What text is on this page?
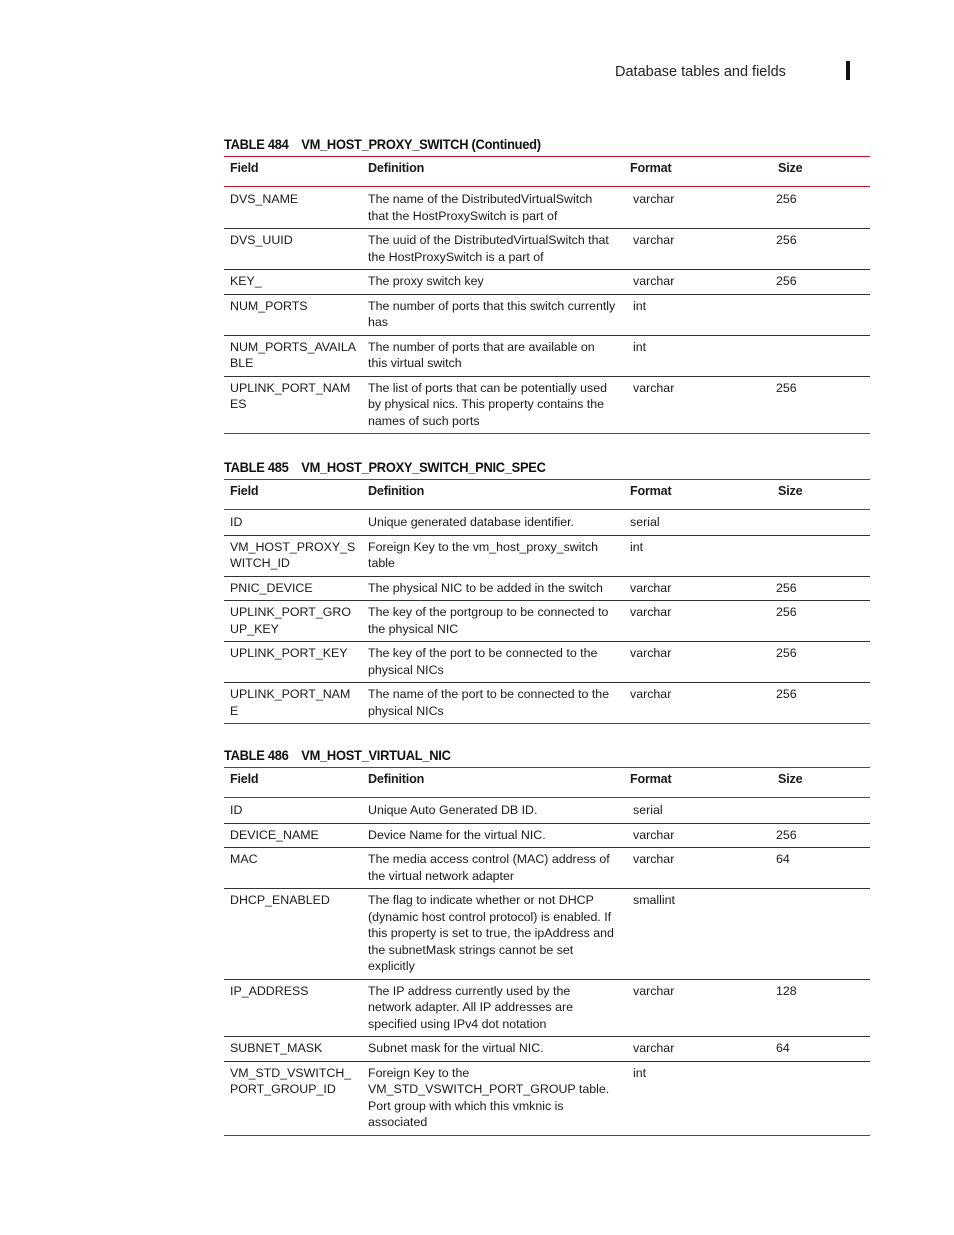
Database tables and fields
TABLE 484 VM_HOST_PROXY_SWITCH (Continued)
Field	Definition	Format	Size
DVS_NAME	The name of the DistributedVirtualSwitch that the HostProxySwitch is part of	varchar	256
DVS_UUID	The uuid of the DistributedVirtualSwitch that the HostProxySwitch is a part of	varchar	256
KEY_	The proxy switch key	varchar	256
NUM_PORTS	The number of ports that this switch currently has	int	
NUM_PORTS_AVAILABLE	The number of ports that are available on this virtual switch	int	
UPLINK_PORT_NAMES	The list of ports that can be potentially used by physical nics. This property contains the names of such ports	varchar	256
TABLE 485 VM_HOST_PROXY_SWITCH_PNIC_SPEC
Field	Definition	Format	Size
ID	Unique generated database identifier.	serial	
VM_HOST_PROXY_SWITCH_ID	Foreign Key to the vm_host_proxy_switch table	int	
PNIC_DEVICE	The physical NIC to be added in the switch	varchar	256
UPLINK_PORT_GROUP_KEY	The key of the portgroup to be connected to the physical NIC	varchar	256
UPLINK_PORT_KEY	The key of the port to be connected to the physical NICs	varchar	256
UPLINK_PORT_NAME	The name of the port to be connected to the physical NICs	varchar	256
TABLE 486 VM_HOST_VIRTUAL_NIC
Field	Definition	Format	Size
ID	Unique Auto Generated DB ID.	serial	
DEVICE_NAME	Device Name for the virtual NIC.	varchar	256
MAC	The media access control (MAC) address of the virtual network adapter	varchar	64
DHCP_ENABLED	The flag to indicate whether or not DHCP (dynamic host control protocol) is enabled. If this property is set to true, the ipAddress and the subnetMask strings cannot be set explicitly	smallint	
IP_ADDRESS	The IP address currently used by the network adapter. All IP addresses are specified using IPv4 dot notation	varchar	128
SUBNET_MASK	Subnet mask for the virtual NIC.	varchar	64
VM_STD_VSWITCH_PORT_GROUP_ID	Foreign Key to the VM_STD_VSWITCH_PORT_GROUP table. Port group with which this vmknic is associated	int	
